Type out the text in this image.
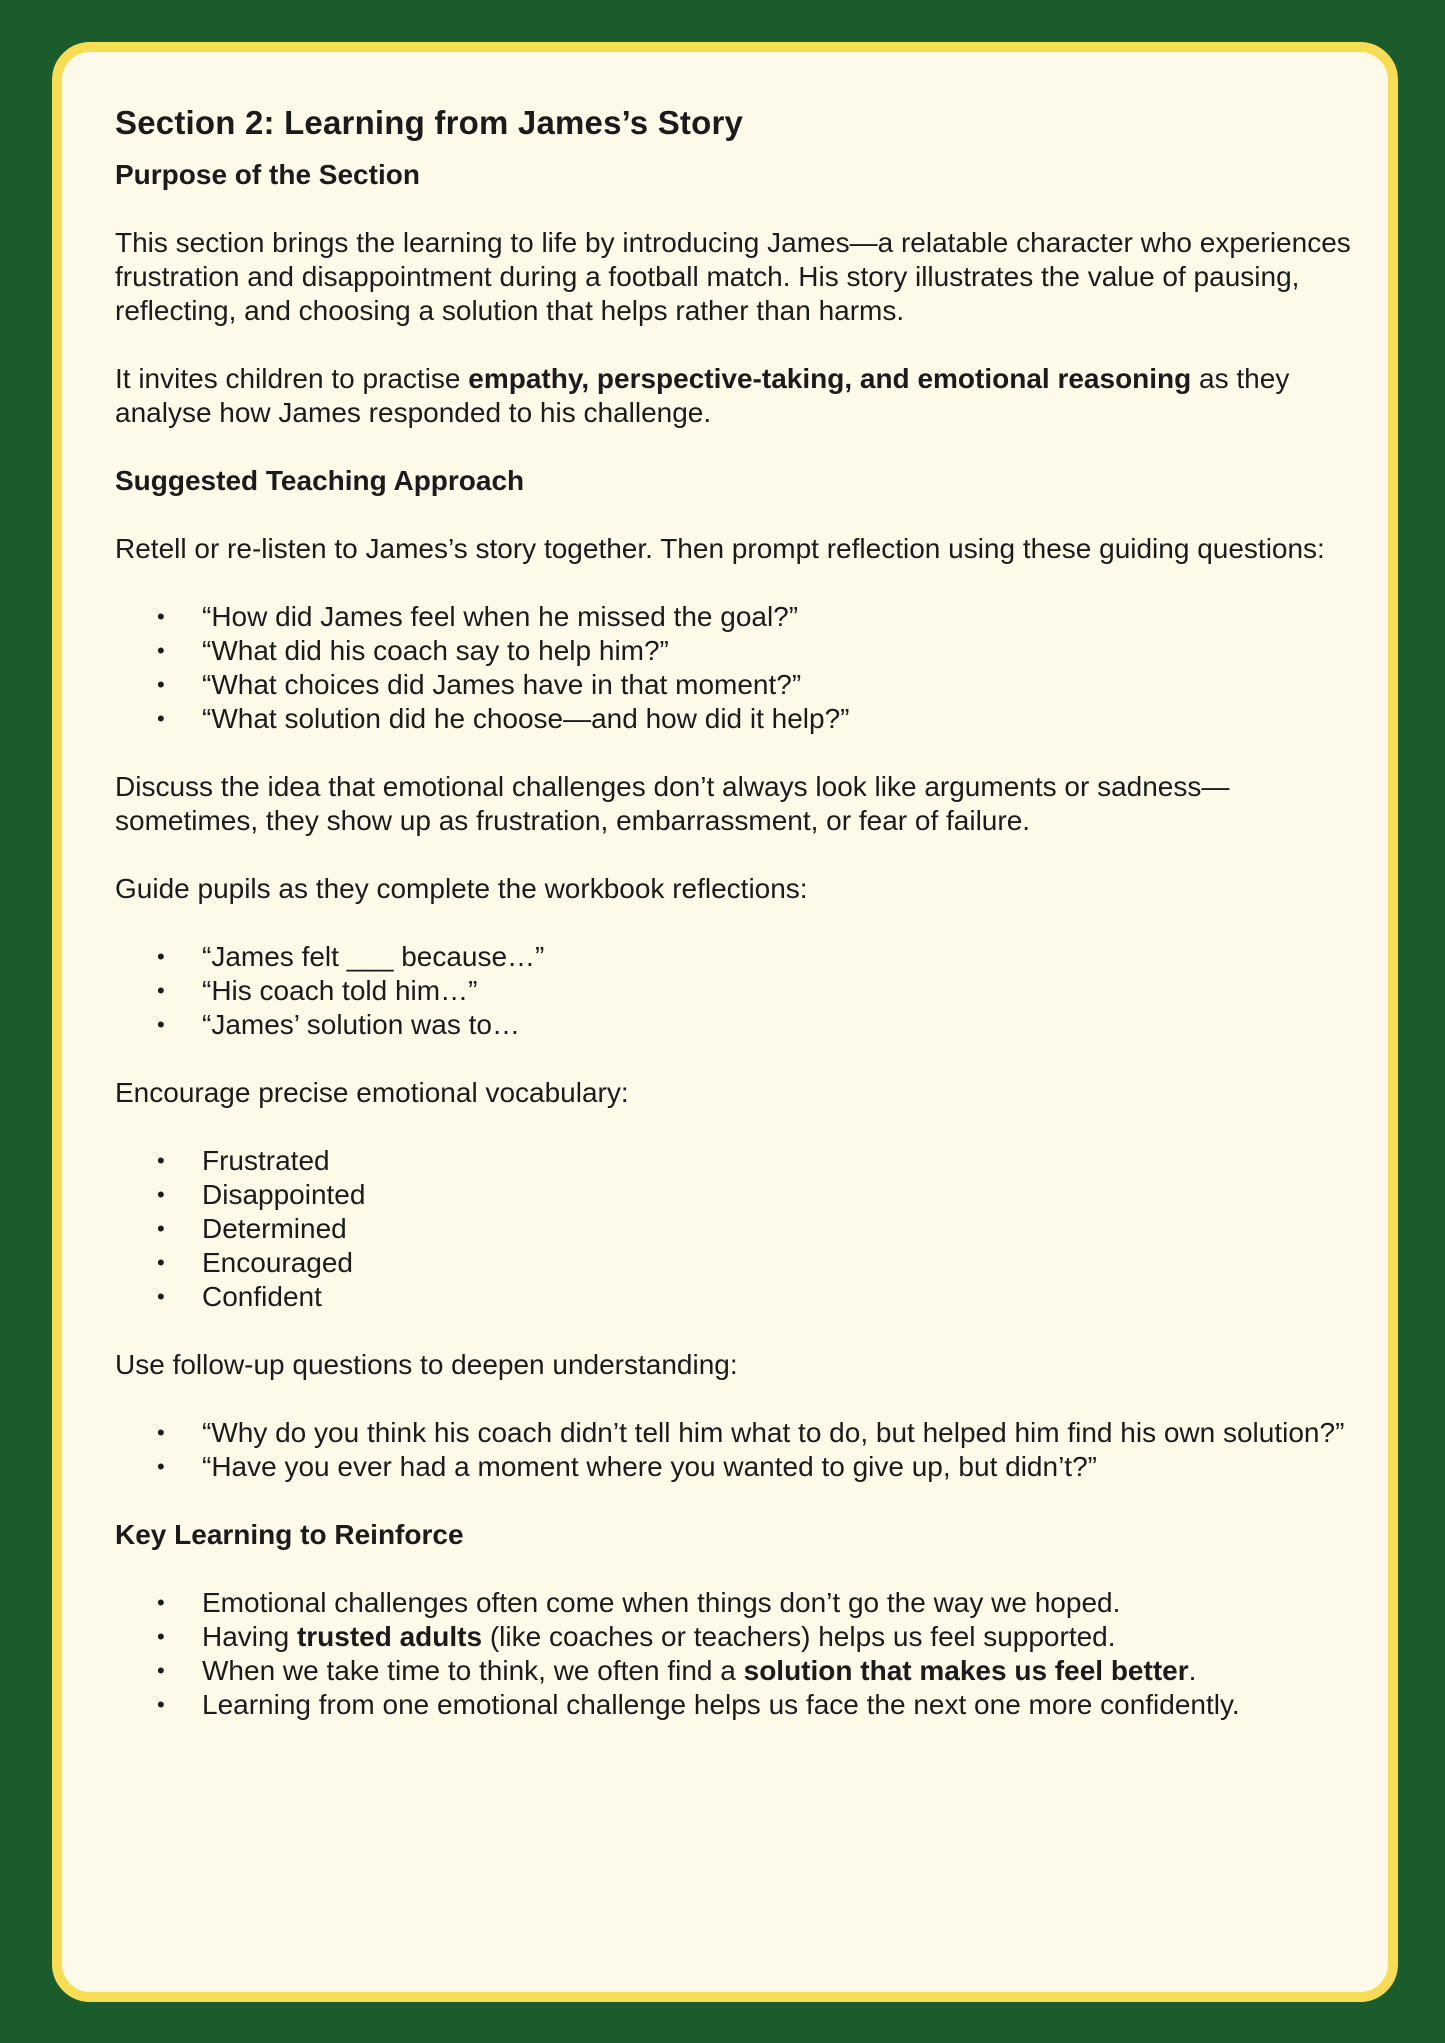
Section 2: Learning from James’s Story
Purpose of the Section

This section brings the learning to life by introducing James—a relatable character who experiences frustration and disappointment during a football match. His story illustrates the value of pausing, reflecting, and choosing a solution that helps rather than harms.

It invites children to practise empathy, perspective-taking, and emotional reasoning as they analyse how James responded to his challenge.

Suggested Teaching Approach

Retell or re-listen to James’s story together. Then prompt reflection using these guiding questions:

• “How did James feel when he missed the goal?”
• “What did his coach say to help him?”
• “What choices did James have in that moment?”
• “What solution did he choose—and how did it help?”

Discuss the idea that emotional challenges don’t always look like arguments or sadness—sometimes, they show up as frustration, embarrassment, or fear of failure.

Guide pupils as they complete the workbook reflections:

• “James felt ___ because…”
• “His coach told him…”
• “James’ solution was to…

Encourage precise emotional vocabulary:

• Frustrated
• Disappointed
• Determined
• Encouraged
• Confident

Use follow-up questions to deepen understanding:

• “Why do you think his coach didn’t tell him what to do, but helped him find his own solution?”
• “Have you ever had a moment where you wanted to give up, but didn’t?”
Key Learning to Reinforce
• Emotional challenges often come when things don’t go the way we hoped.
• Having trusted adults (like coaches or teachers) helps us feel supported.
• When we take time to think, we often find a solution that makes us feel better.
• Learning from one emotional challenge helps us face the next one more confidently.
